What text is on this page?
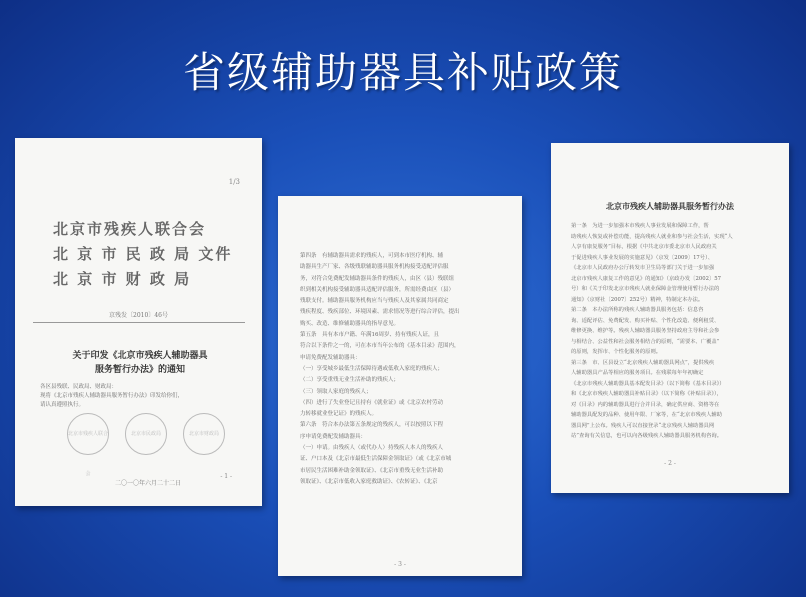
省级辅助器具补贴政策
1/3
北京市残疾人联合会
北 京 市 民 政 局 文件
北 京 市 财 政 局
京残发〔2010〕46号
关于印发《北京市残疾人辅助器具
服务暂行办法》的通知
各区县残联、民政局、财政局：
现将《北京市残疾人辅助器具服务暂行办法》印发给你们，
请认真遵照执行。
北京市残疾人联合会
北京市民政局	北京市财政局
二〇一〇年六月二十二日
- 1 -
第四条　有辅助器具需求的残疾人，可到本市医疗机构、辅
助器具生产厂家、各级残联辅助器具服务机构接受适配评估服
务，对符合免费配发辅助器具条件的残疾人，由区（县）残联组
织到相关机构接受辅助器具适配评估服务，所需经费由区（县）
残联支付。辅助器具服务机构应当与残疾人及其家属共同商定
残疾程度、残疾部位、环境因素、需求情况等进行综合评估，提出
购买、改造、维修辅助器具的指导意见。
第五条　具有本市户籍、年满16周岁、持有残疾人证，且
符合以下条件之一的，可在本市当年公布的《基本目录》范围内，
申请免费配发辅助器具：
（一）享受城乡最低生活保障待遇或低收入家庭的残疾人；
（二）享受重残无业生活补助的残疾人；
（三）领取人家庭的残疾人；
（四）进行了失业登记且持有《就业证》或《北京农村劳动
力转移就业登记证》的残疾人。
第六条　符合本办法第五条规定的残疾人，可以按照以下程
序申请免费配发辅助器具：
（一）申请。由残疾人（或代办人）持残疾人本人的残疾人
证、户口本及《北京市最低生活保障金领取证》（或《北京市城
市居民生活困难补助金领取证》、《北京市重残无业生活补助
领取证》、《北京市低收入家庭救助证》、《农转证》、《北京
- 3 -
北京市残疾人辅助器具服务暂行办法
第一条　为进一步加强本市残疾人事业发展和保障工作，帮
助残疾人恢复或补偿功能，提高残疾人就业和参与社会生活，实现“人
人享有康复服务”目标，根据《中共北京市委北京市人民政府关
于促进残疾人事业发展的实施意见》（京发〔2009〕17号）、
《北京市人民政府办公厅转发市卫生局等部门关于进一步加强
北京市残疾人康复工作的意见》的通知》（京政办发〔2002〕57
号）和《关于印发北京市残疾人就业保障金管理使用暂行办法的
通知》（京财社〔2007〕252号）精神，特制定本办法。
第二条　本办法所称的残疾人辅助器具服务包括：信息咨
询、适配评估、免费配发、购买补贴、个性化改造、便利租赁、
维修更换、维护等。残疾人辅助器具服务坚持政府主导和社会参
与相结合、公益性和社会服务相结合的原则，“需要本、广覆盖”
的原则，发挥市、个性化服务的原则。
第三条　市、区县设立“北京残疾人辅助器具网点”，提供残疾
人辅助器具产品等相应的服务项目。在残联每年年初确定
《北京市残疾人辅助器具基本配发目录》（以下简称《基本目录》）
和《北京市残疾人辅助器具补贴目录》（以下简称《补贴目录》），
对《目录》内的辅助器具进行合并目录，确定供应商、资格等在
辅助器具配发的品种、使用年限、厂家等，在“北京市残疾人辅助
器具网”上公布。残疾人可以直接登录“北京残疾人辅助器具网
站”查询有关信息，也可以向各级残疾人辅助器具服务机构咨询。
- 2 -
